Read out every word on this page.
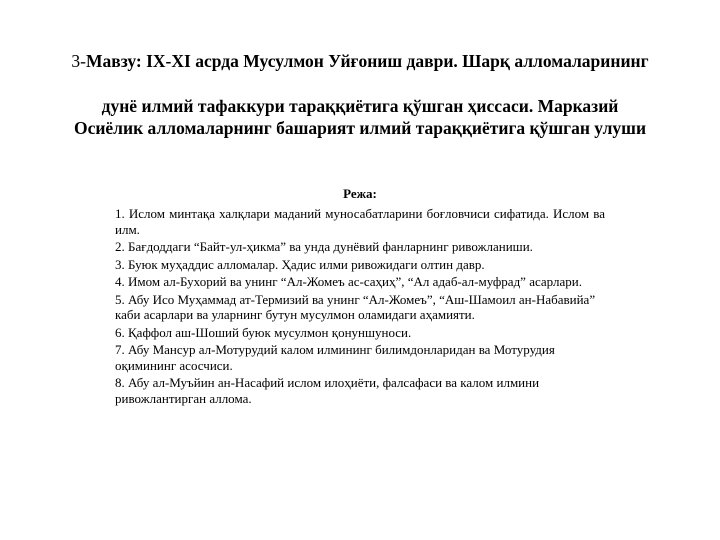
3-Мавзу: IX-XI асрда Мусулмон Уйғониш даври. Шарқ алломаларининг
дунё илмий тафаккури тараққиётига қўшган ҳиссаси. Марказий
Осиёлик алломаларнинг башарият илмий тараққиётига қўшган улуши

Режа:

1. Ислом минтақа халқлари маданий муносабатларини боғловчиси сифатида. Ислом ва илм.
2. Бағдоддаги “Байт-ул-ҳикма” ва унда дунёвий фанларнинг ривожланиши.
3. Буюк муҳаддис алломалар. Ҳадис илми ривожидаги олтин давр.
4. Имом ал-Бухорий ва унинг “Ал-Жомеъ ас-саҳиҳ”, “Ал адаб-ал-муфрад” асарлари.
5. Абу Исо Муҳаммад ат-Термизий ва унинг “Ал-Жомеъ”, “Аш-Шамоил ан-Набавийа” каби асарлари ва уларнинг бутун мусулмон оламидаги аҳамияти.
6. Қаффол аш-Шоший буюк мусулмон қонуншуноси.
7. Абу Мансур ал-Мотурудий калом илмининг билимдонларидан ва Мотурудия оқимининг асосчиси.
8. Абу ал-Муъйин ан-Насафий ислом илоҳиёти, фалсафаси ва калом илмини ривожлантирган аллома.
